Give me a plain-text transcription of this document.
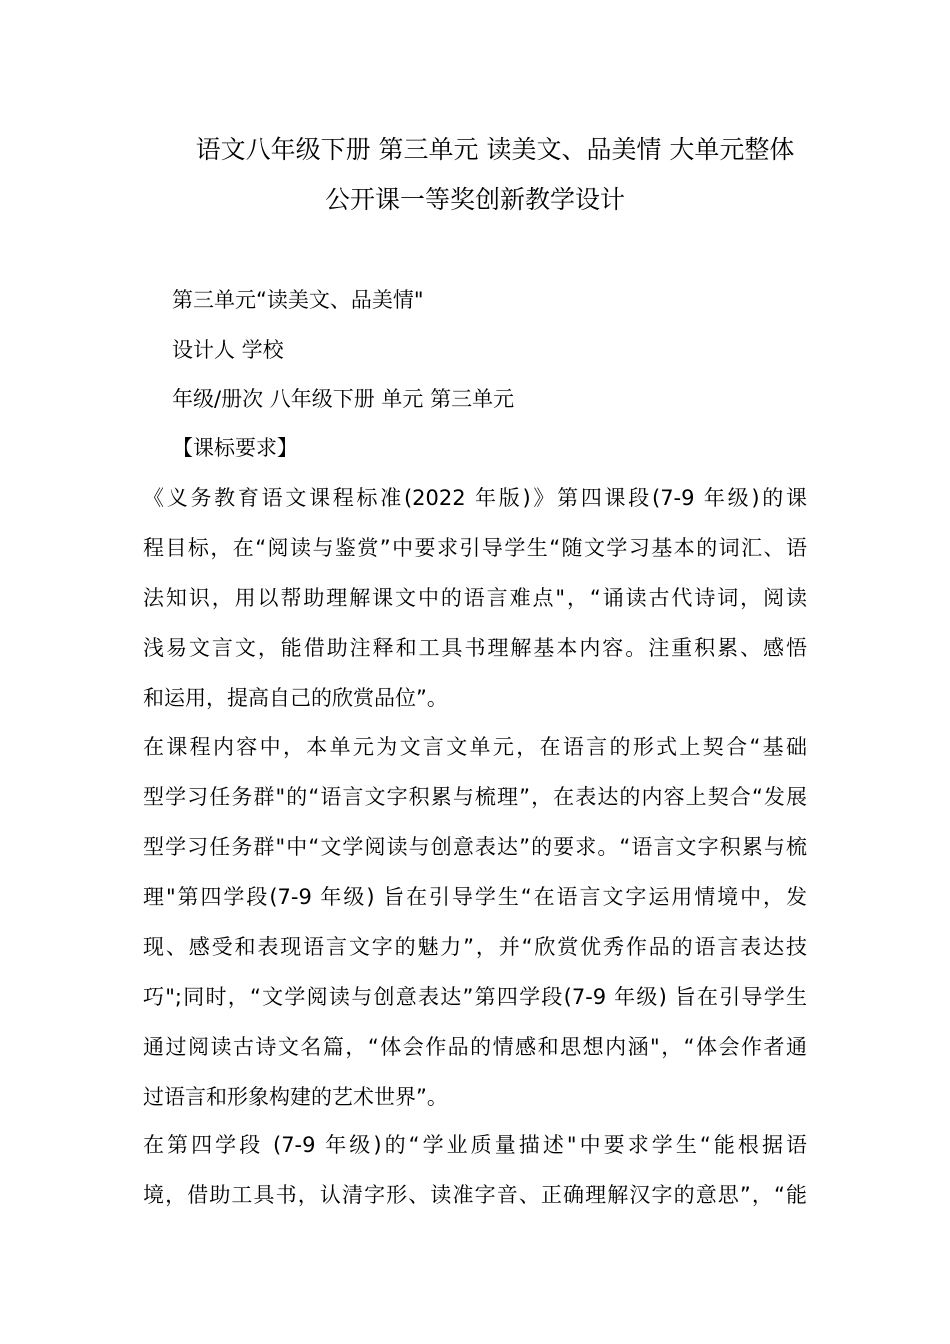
语文八年级下册 第三单元 读美文、品美情 大单元整体
公开课一等奖创新教学设计
第三单元“读美文、品美情"
设计人 学校
年级/册次 八年级下册 单元 第三单元
【课标要求】
《义务教育语文课程标准(2022 年版)》第四课段(7-9 年级)的课
程目标，在“阅读与鉴赏”中要求引导学生“随文学习基本的词汇、语
法知识，用以帮助理解课文中的语言难点"，“诵读古代诗词，阅读
浅易文言文，能借助注释和工具书理解基本内容。注重积累、感悟
和运用，提高自己的欣赏品位”。
在课程内容中，本单元为文言文单元，在语言的形式上契合“基础
型学习任务群"的“语言文字积累与梳理”，在表达的内容上契合“发展
型学习任务群"中“文学阅读与创意表达”的要求。“语言文字积累与梳
理"第四学段(7-9 年级) 旨在引导学生“在语言文字运用情境中，发
现、感受和表现语言文字的魅力”，并“欣赏优秀作品的语言表达技
巧";同时，“文学阅读与创意表达”第四学段(7-9 年级) 旨在引导学生
通过阅读古诗文名篇，“体会作品的情感和思想内涵"，“体会作者通
过语言和形象构建的艺术世界”。
在第四学段 (7-9 年级)的“学业质量描述"中要求学生“能根据语
境，借助工具书，认清字形、读准字音、正确理解汉字的意思”，“能
